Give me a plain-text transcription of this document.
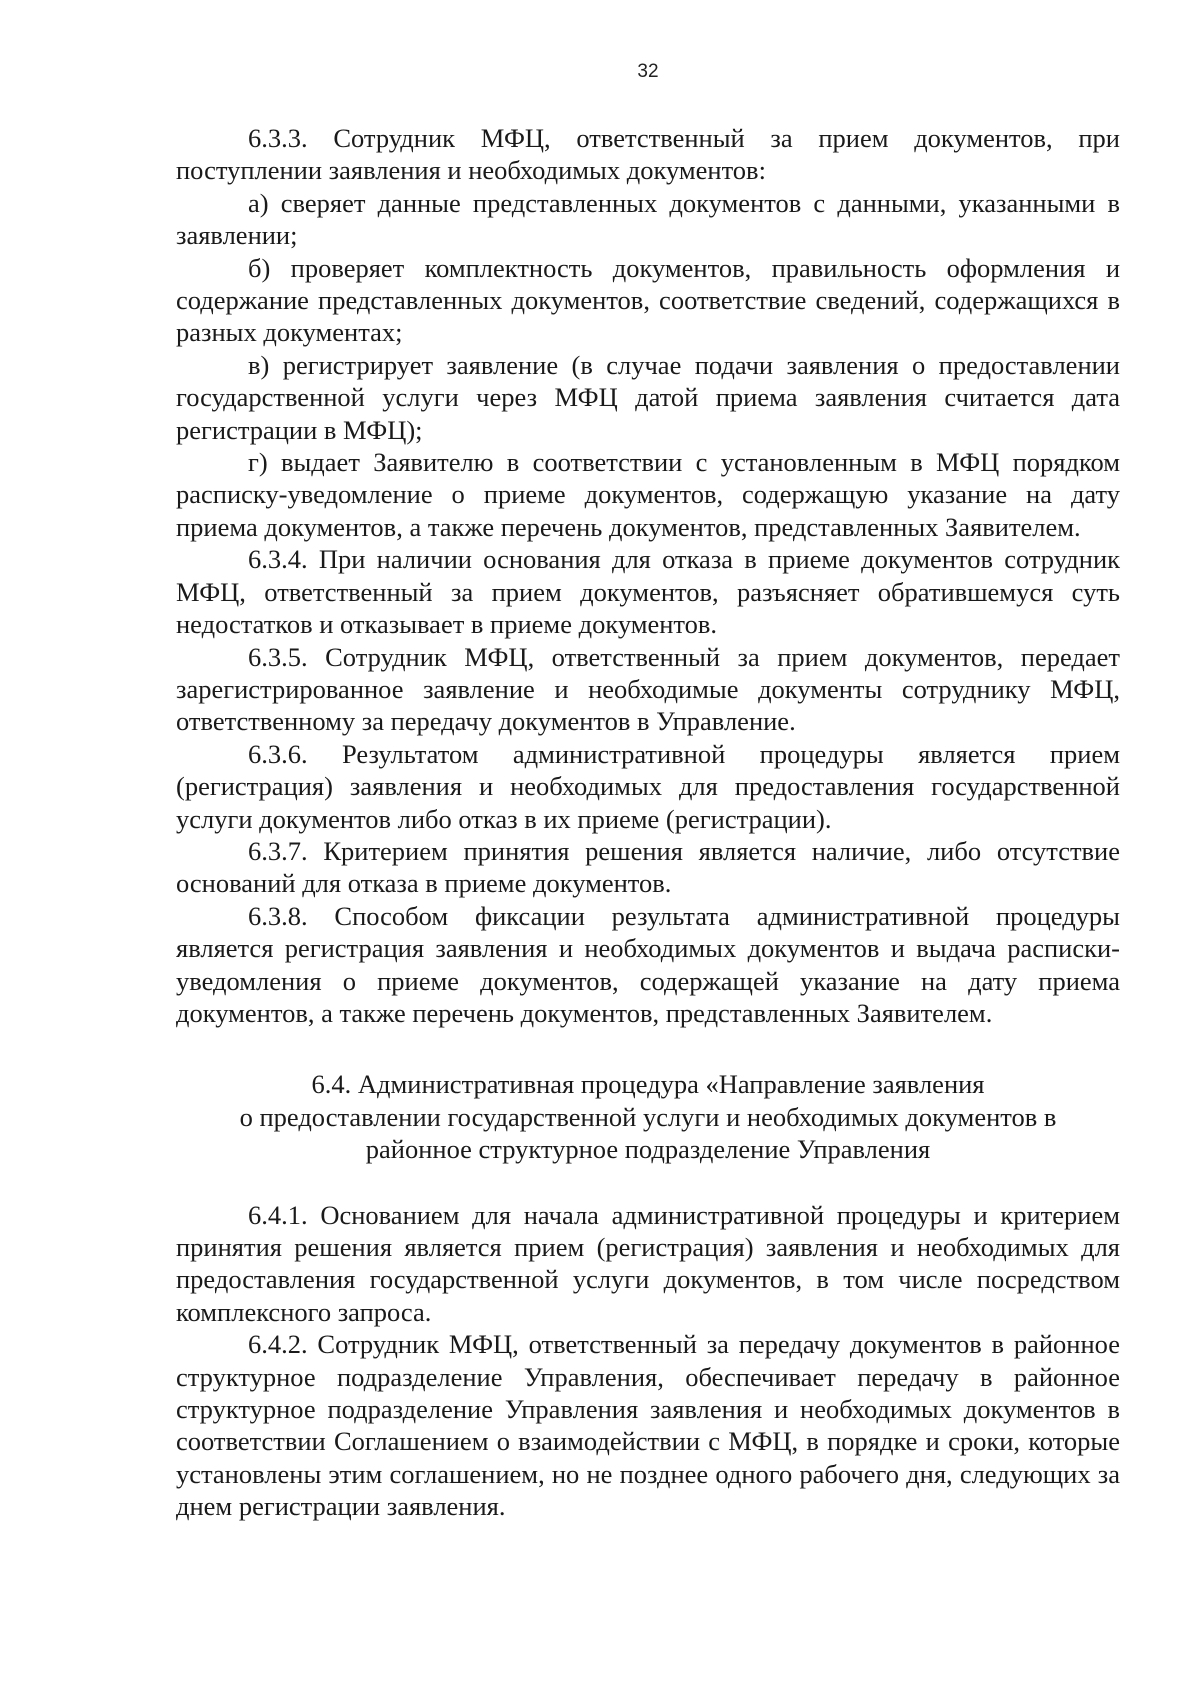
32

6.3.3. Сотрудник МФЦ, ответственный за прием документов, при поступлении заявления и необходимых документов:

а) сверяет данные представленных документов с данными, указанными в заявлении;

б) проверяет комплектность документов, правильность оформления и содержание представленных документов, соответствие сведений, содержащихся в разных документах;

в) регистрирует заявление (в случае подачи заявления о предоставлении государственной услуги через МФЦ датой приема заявления считается дата регистрации в МФЦ);

г) выдает Заявителю в соответствии с установленным в МФЦ порядком расписку-уведомление о приеме документов, содержащую указание на дату приема документов, а также перечень документов, представленных Заявителем.

6.3.4. При наличии основания для отказа в приеме документов сотрудник МФЦ, ответственный за прием документов, разъясняет обратившемуся суть недостатков и отказывает в приеме документов.

6.3.5. Сотрудник МФЦ, ответственный за прием документов, передает зарегистрированное заявление и необходимые документы сотруднику МФЦ, ответственному за передачу документов в Управление.

6.3.6. Результатом административной процедуры является прием (регистрация) заявления и необходимых для предоставления государственной услуги документов либо отказ в их приеме (регистрации).

6.3.7. Критерием принятия решения является наличие, либо отсутствие оснований для отказа в приеме документов.

6.3.8. Способом фиксации результата административной процедуры является регистрация заявления и необходимых документов и выдача расписки-уведомления о приеме документов, содержащей указание на дату приема документов, а также перечень документов, представленных Заявителем.

6.4. Административная процедура «Направление заявления
о предоставлении государственной услуги и необходимых документов в
районное структурное подразделение Управления

6.4.1. Основанием для начала административной процедуры и критерием принятия решения является прием (регистрация) заявления и необходимых для предоставления государственной услуги документов, в том числе посредством комплексного запроса.

6.4.2. Сотрудник МФЦ, ответственный за передачу документов в районное структурное подразделение Управления, обеспечивает передачу в районное структурное подразделение Управления заявления и необходимых документов в соответствии Соглашением о взаимодействии с МФЦ, в порядке и сроки, которые установлены этим соглашением, но не позднее одного рабочего дня, следующих за днем регистрации заявления.
